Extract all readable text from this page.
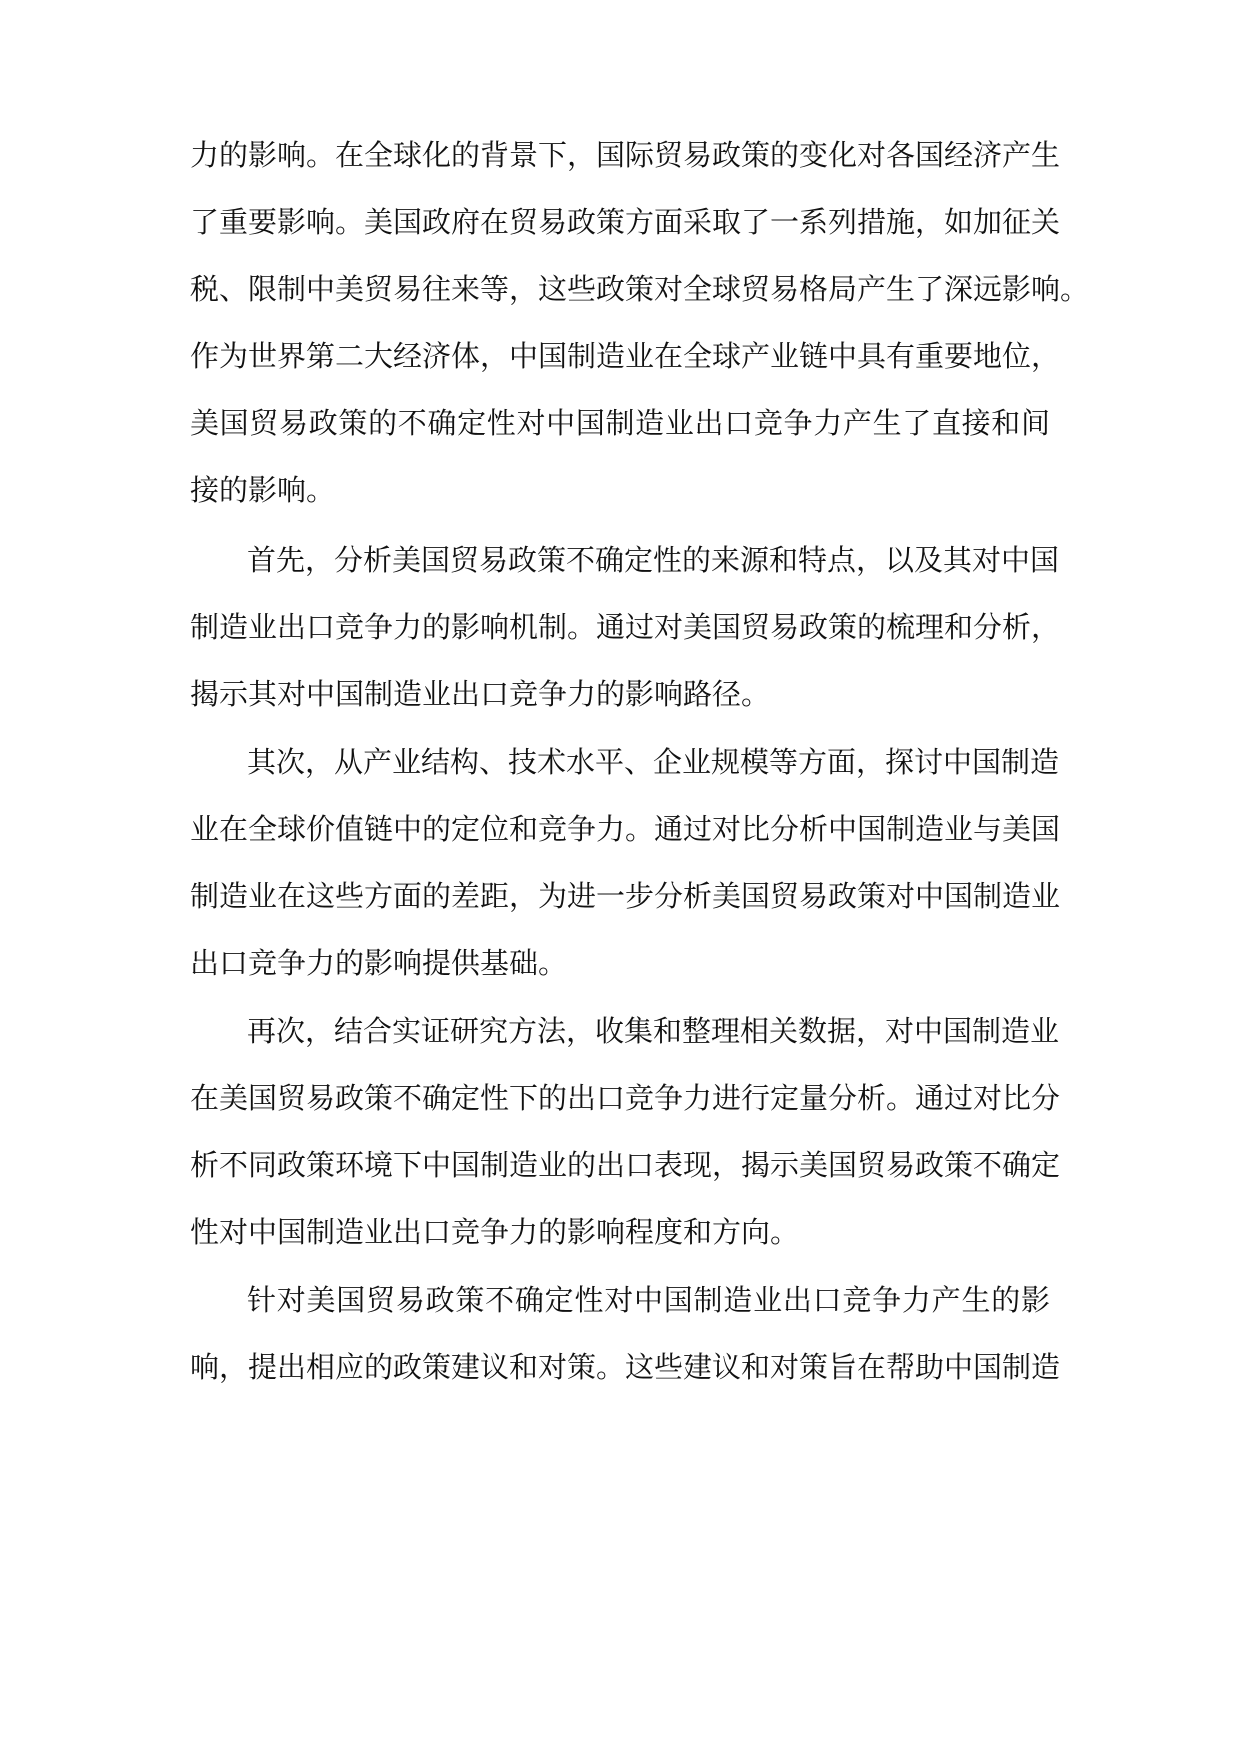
力的影响。在全球化的背景下，国际贸易政策的变化对各国经济产生
了重要影响。美国政府在贸易政策方面采取了一系列措施，如加征关
税、限制中美贸易往来等，这些政策对全球贸易格局产生了深远影响。
作为世界第二大经济体，中国制造业在全球产业链中具有重要地位，
美国贸易政策的不确定性对中国制造业出口竞争力产生了直接和间
接的影响。
首先，分析美国贸易政策不确定性的来源和特点，以及其对中国
制造业出口竞争力的影响机制。通过对美国贸易政策的梳理和分析，
揭示其对中国制造业出口竞争力的影响路径。
其次，从产业结构、技术水平、企业规模等方面，探讨中国制造
业在全球价值链中的定位和竞争力。通过对比分析中国制造业与美国
制造业在这些方面的差距，为进一步分析美国贸易政策对中国制造业
出口竞争力的影响提供基础。
再次，结合实证研究方法，收集和整理相关数据，对中国制造业
在美国贸易政策不确定性下的出口竞争力进行定量分析。通过对比分
析不同政策环境下中国制造业的出口表现，揭示美国贸易政策不确定
性对中国制造业出口竞争力的影响程度和方向。
针对美国贸易政策不确定性对中国制造业出口竞争力产生的影
响，提出相应的政策建议和对策。这些建议和对策旨在帮助中国制造
